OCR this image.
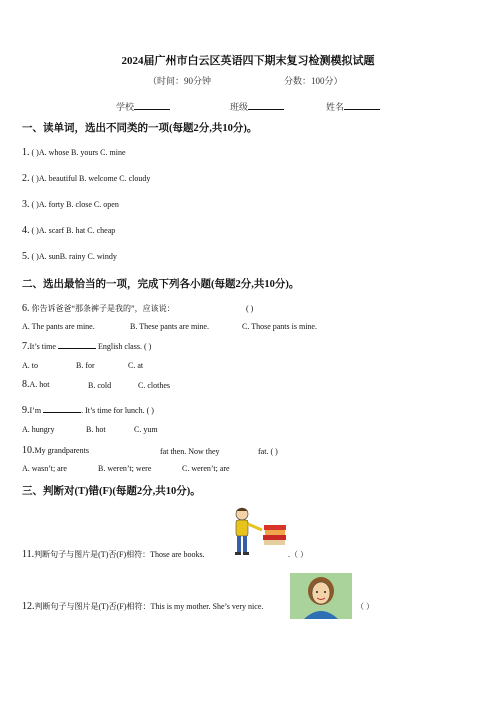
2024届广州市白云区英语四下期末复习检测模拟试题
（时间：90分钟	分数：100分）
学校	班级	姓名
一、读单词，选出不同类的一项(每题2分,共10分)。
1. ( )A. whose B. yours C. mine
2. ( )A. beautiful B. welcome C. cloudy
3. ( )A. forty B. close C. open
4. ( )A. scarf B. hat C. cheap
5. ( )A. sunB. rainy C. windy
二、选出最恰当的一项，完成下列各小题(每题2分,共10分)。
6. 你告诉爸爸“那条裤子是我的”，应该说：	( )
A. The pants are mine.	B. These pants are mine.	C. Those pants is mine.
7.It’s time	English class. ( )
A. to	B. for	C. at
8.A. hot	B. cold	C. clothes
9.I’m	. It’s time for lunch. ( )
A. hungry	B. hot	C. yum
10.My grandparents	fat then. Now they	fat. ( )
A. wasn’t; are	B. weren’t; were	C. weren’t; are
三、判断对(T)错(F)(每题2分,共10分)。
11.判断句子与图片是(T)否(F)相符：Those are books.	.（ ）
12.判断句子与图片是(T)否(F)相符：This is my mother. She’s very nice.	（ ）
